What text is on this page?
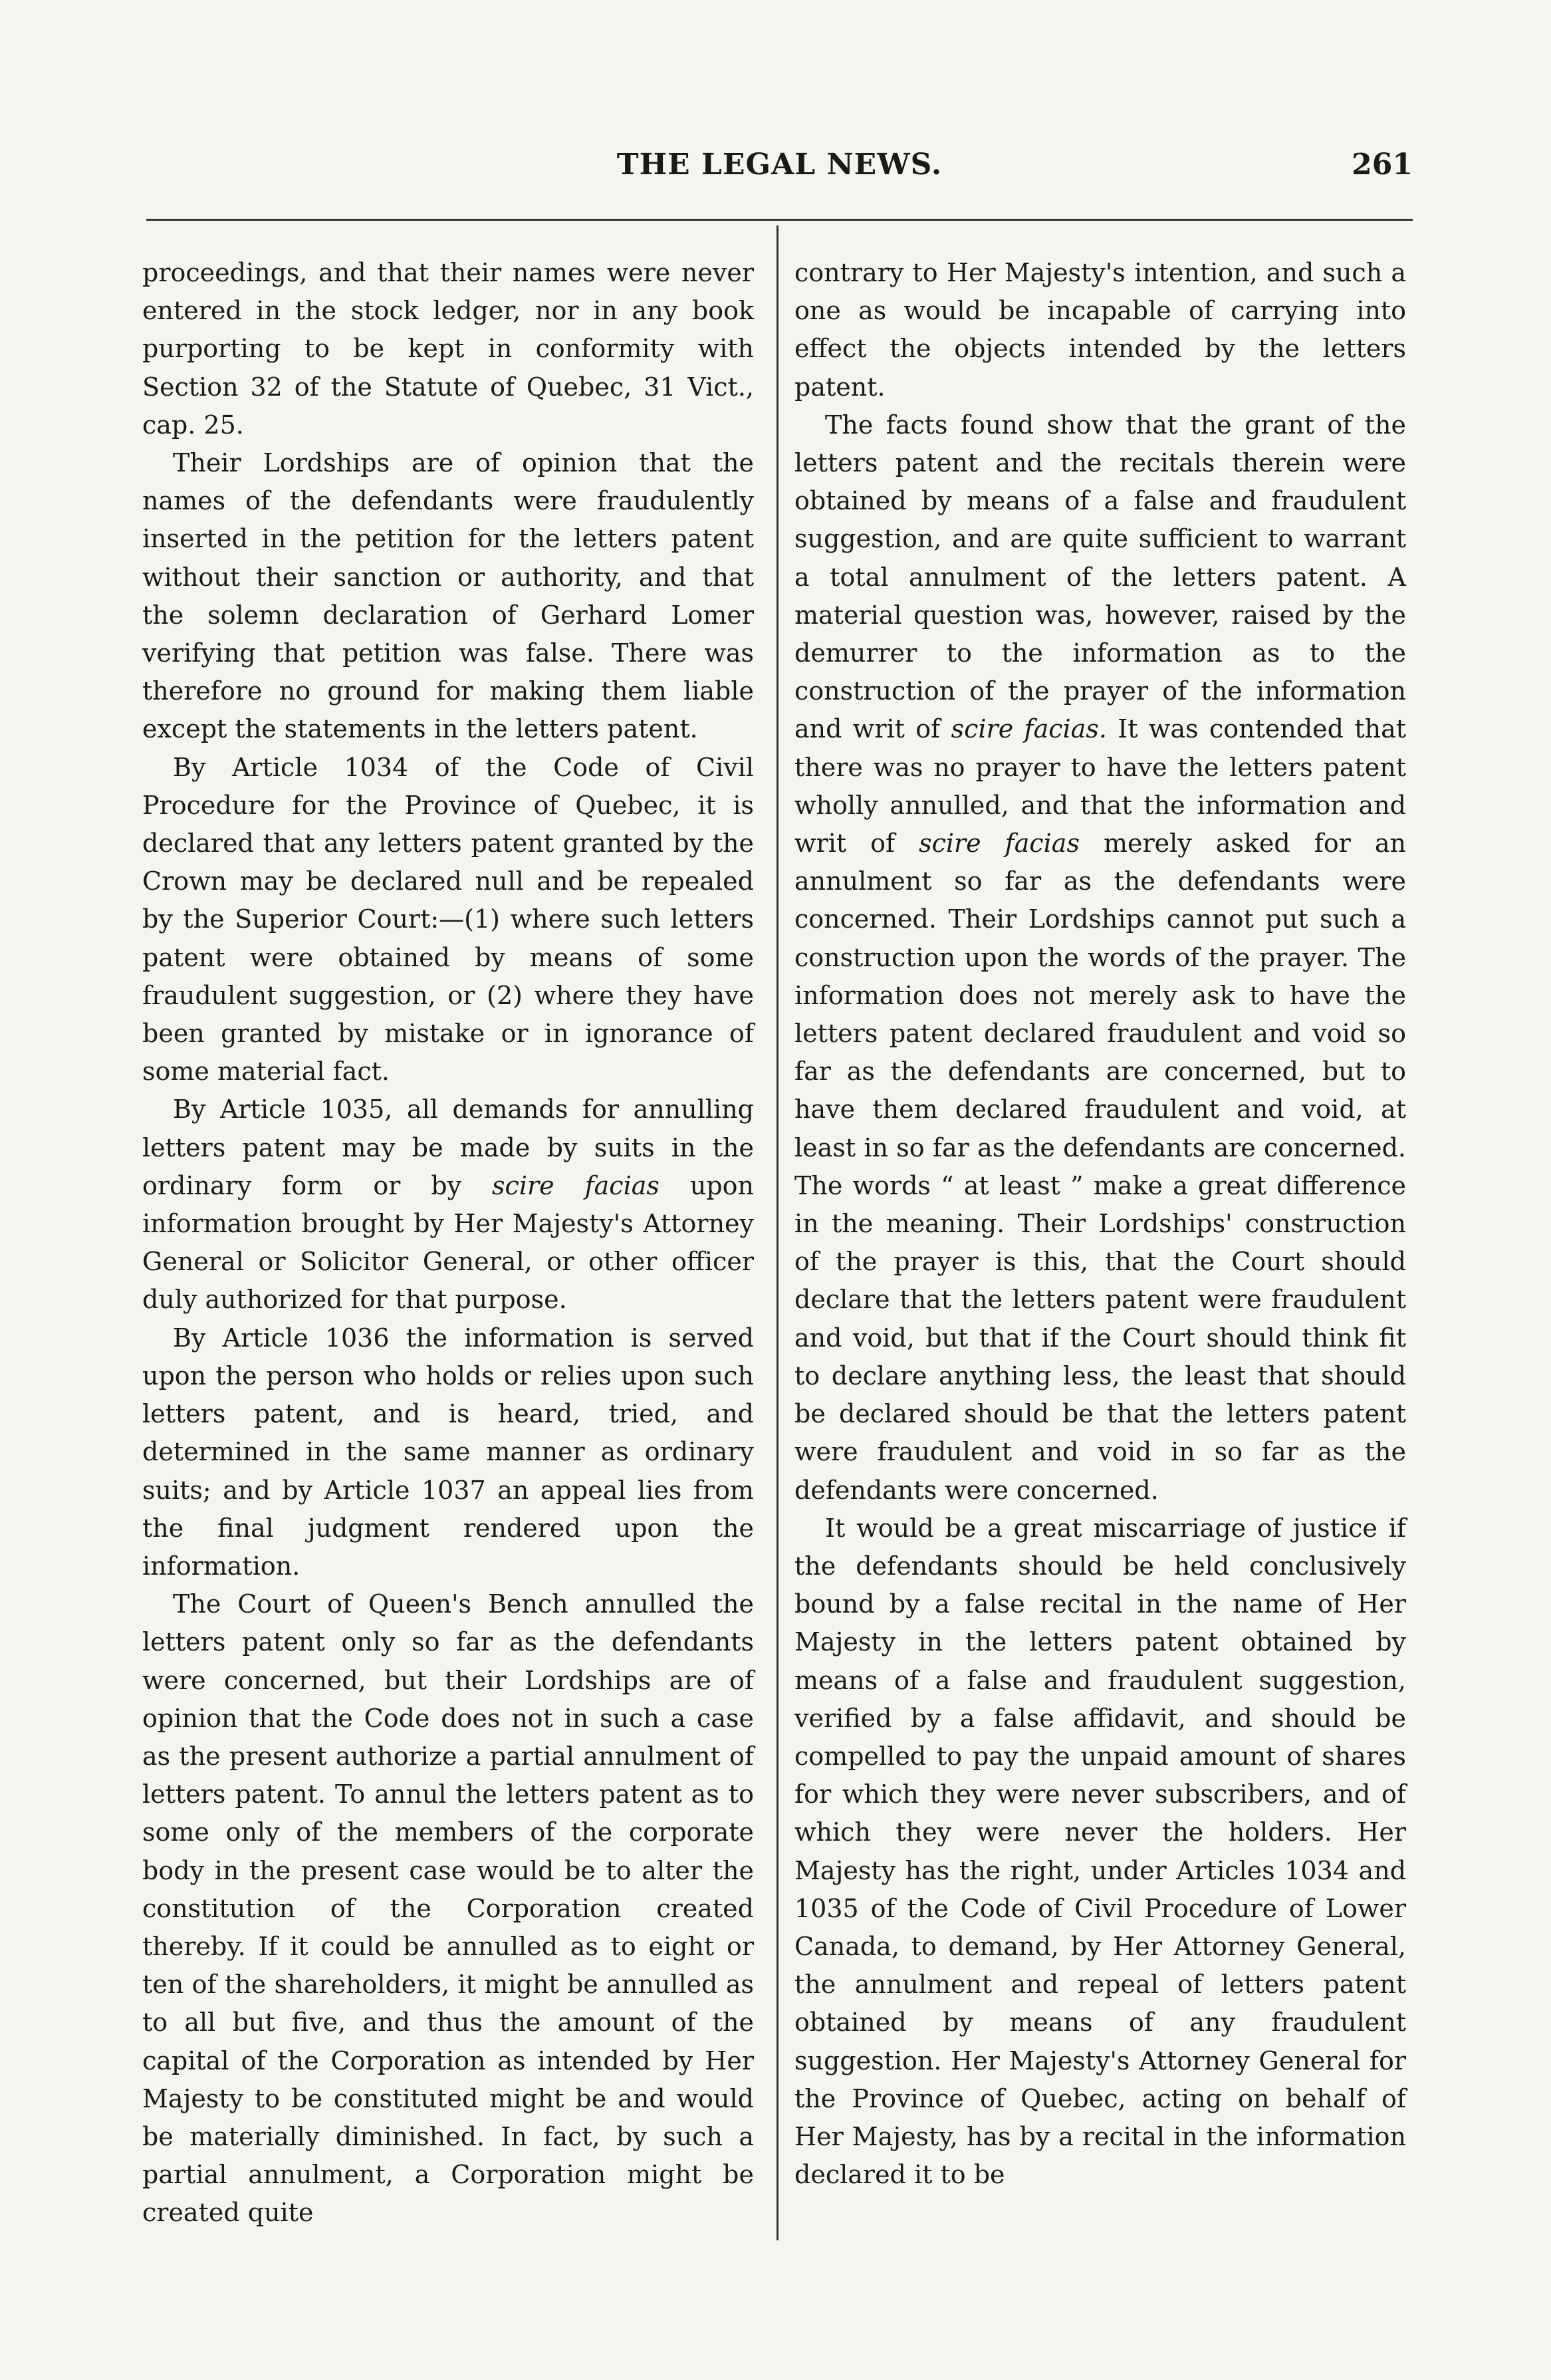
THE LEGAL NEWS.	261

proceedings, and that their names were never entered in the stock ledger, nor in any book purporting to be kept in conformity with Section 32 of the Statute of Quebec, 31 Vict., cap. 25.

Their Lordships are of opinion that the names of the defendants were fraudulently inserted in the petition for the letters patent without their sanction or authority, and that the solemn declaration of Gerhard Lomer verifying that petition was false. There was therefore no ground for making them liable except the statements in the letters patent.

By Article 1034 of the Code of Civil Procedure for the Province of Quebec, it is declared that any letters patent granted by the Crown may be declared null and be repealed by the Superior Court:—(1) where such letters patent were obtained by means of some fraudulent suggestion, or (2) where they have been granted by mistake or in ignorance of some material fact.

By Article 1035, all demands for annulling letters patent may be made by suits in the ordinary form or by scire facias upon information brought by Her Majesty's Attorney General or Solicitor General, or other officer duly authorized for that purpose.

By Article 1036 the information is served upon the person who holds or relies upon such letters patent, and is heard, tried, and determined in the same manner as ordinary suits; and by Article 1037 an appeal lies from the final judgment rendered upon the information.

The Court of Queen's Bench annulled the letters patent only so far as the defendants were concerned, but their Lordships are of opinion that the Code does not in such a case as the present authorize a partial annulment of letters patent. To annul the letters patent as to some only of the members of the corporate body in the present case would be to alter the constitution of the Corporation created thereby. If it could be annulled as to eight or ten of the shareholders, it might be annulled as to all but five, and thus the amount of the capital of the Corporation as intended by Her Majesty to be constituted might be and would be materially diminished. In fact, by such a partial annulment, a Corporation might be created quite

contrary to Her Majesty's intention, and such a one as would be incapable of carrying into effect the objects intended by the letters patent.

The facts found show that the grant of the letters patent and the recitals therein were obtained by means of a false and fraudulent suggestion, and are quite sufficient to warrant a total annulment of the letters patent. A material question was, however, raised by the demurrer to the information as to the construction of the prayer of the information and writ of scire facias. It was contended that there was no prayer to have the letters patent wholly annulled, and that the information and writ of scire facias merely asked for an annulment so far as the defendants were concerned. Their Lordships cannot put such a construction upon the words of the prayer. The information does not merely ask to have the letters patent declared fraudulent and void so far as the defendants are concerned, but to have them declared fraudulent and void, at least in so far as the defendants are concerned. The words “ at least ” make a great difference in the meaning. Their Lordships' construction of the prayer is this, that the Court should declare that the letters patent were fraudulent and void, but that if the Court should think fit to declare anything less, the least that should be declared should be that the letters patent were fraudulent and void in so far as the defendants were concerned.

It would be a great miscarriage of justice if the defendants should be held conclusively bound by a false recital in the name of Her Majesty in the letters patent obtained by means of a false and fraudulent suggestion, verified by a false affidavit, and should be compelled to pay the unpaid amount of shares for which they were never subscribers, and of which they were never the holders. Her Majesty has the right, under Articles 1034 and 1035 of the Code of Civil Procedure of Lower Canada, to demand, by Her Attorney General, the annulment and repeal of letters patent obtained by means of any fraudulent suggestion. Her Majesty's Attorney General for the Province of Quebec, acting on behalf of Her Majesty, has by a recital in the information declared it to be
